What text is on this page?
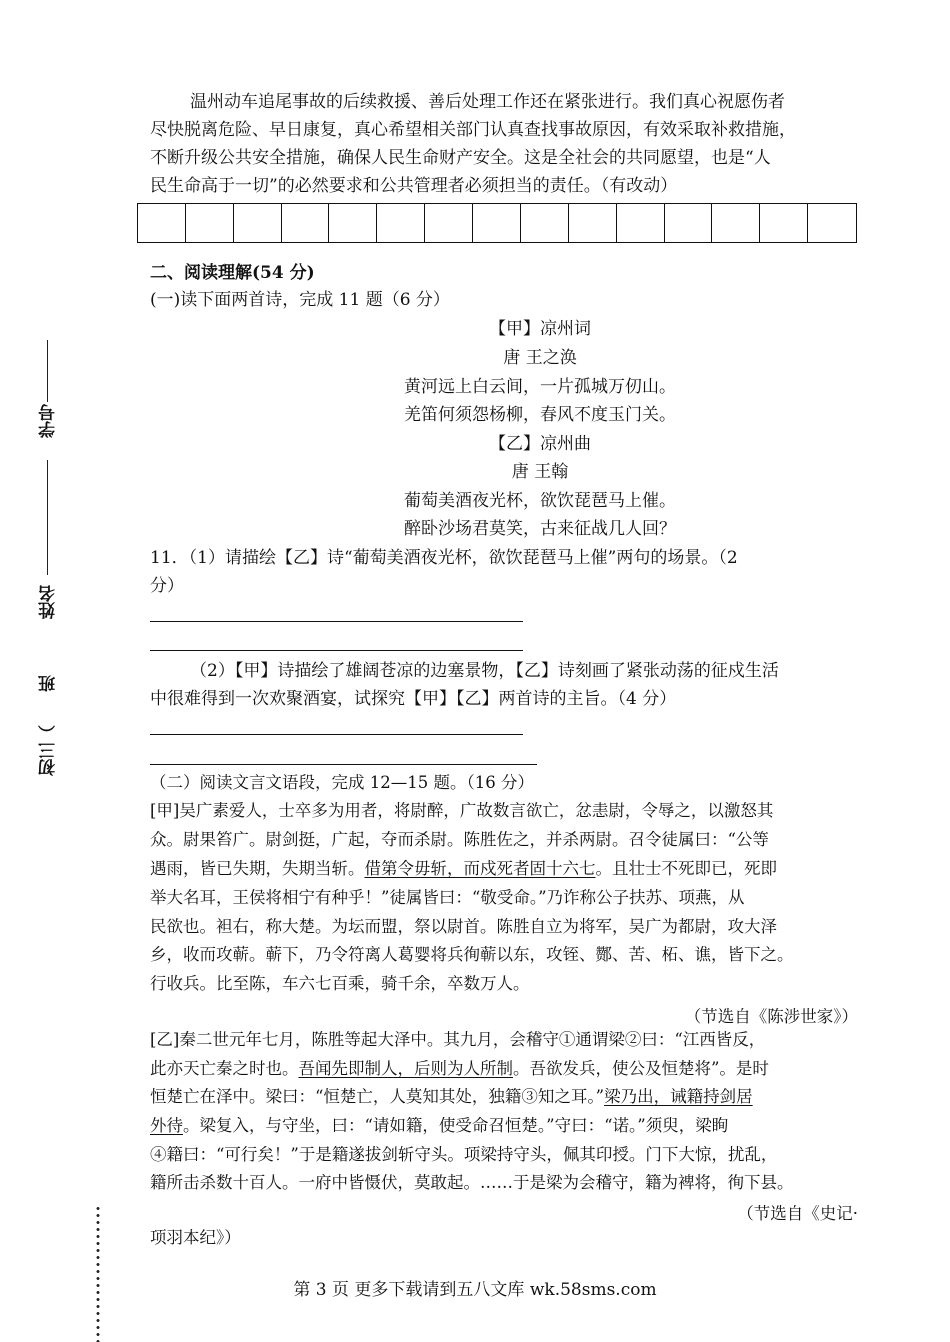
学号
姓名
班
初三（
温州动车追尾事故的后续救援、善后处理工作还在紧张进行。我们真心祝愿伤者
尽快脱离危险、早日康复，真心希望相关部门认真查找事故原因，有效采取补救措施，
不断升级公共安全措施，确保人民生命财产安全。这是全社会的共同愿望，也是“人
民生命高于一切”的必然要求和公共管理者必须担当的责任。（有改动）
二、阅读理解(54 分)
(一)读下面两首诗，完成 11 题（6 分）
【甲】凉州词
唐 王之涣
黄河远上白云间，一片孤城万仞山。
羌笛何须怨杨柳，春风不度玉门关。
【乙】凉州曲
唐 王翰
葡萄美酒夜光杯，欲饮琵琶马上催。
醉卧沙场君莫笑，古来征战几人回？
11．（1）请描绘【乙】诗“葡萄美酒夜光杯，欲饮琵琶马上催”两句的场景。（2
分）
（2）【甲】诗描绘了雄阔苍凉的边塞景物，【乙】诗刻画了紧张动荡的征戍生活
中很难得到一次欢聚酒宴，试探究【甲】【乙】两首诗的主旨。（4 分）
（二）阅读文言文语段，完成 12—15 题。（16 分）
[甲]吴广素爱人，士卒多为用者，将尉醉，广故数言欲亡，忿恚尉，令辱之，以激怒其
众。尉果笞广。尉剑挺，广起，夺而杀尉。陈胜佐之，并杀两尉。召令徒属曰：“公等
遇雨，皆已失期，失期当斩。借第令毋斩，而戍死者固十六七。且壮士不死即已，死即
举大名耳，王侯将相宁有种乎！”徒属皆曰：“敬受命。”乃诈称公子扶苏、项燕，从
民欲也。袒右，称大楚。为坛而盟，祭以尉首。陈胜自立为将军，吴广为都尉，攻大泽
乡，收而攻蕲。蕲下，乃令符离人葛婴将兵徇蕲以东，攻铚、酂、苦、柘、谯，皆下之。
行收兵。比至陈，车六七百乘，骑千余，卒数万人。
（节选自《陈涉世家》）
[乙]秦二世元年七月，陈胜等起大泽中。其九月，会稽守①通谓梁②曰：“江西皆反，
此亦天亡秦之时也。吾闻先即制人，后则为人所制。吾欲发兵，使公及恒楚将”。是时
恒楚亡在泽中。梁曰：“恒楚亡，人莫知其处，独籍③知之耳。”梁乃出，诫籍持剑居
外待。梁复入，与守坐，曰：“请如籍，使受命召恒楚。”守曰：“诺。”须臾，梁眴
④籍曰：“可行矣！”于是籍遂拔剑斩守头。项梁持守头，佩其印授。门下大惊，扰乱，
籍所击杀数十百人。一府中皆慑伏，莫敢起。……于是梁为会稽守，籍为裨将，徇下县。
（节选自《史记·
项羽本纪》）
第 3 页 更多下载请到五八文库 wk.58sms.com
